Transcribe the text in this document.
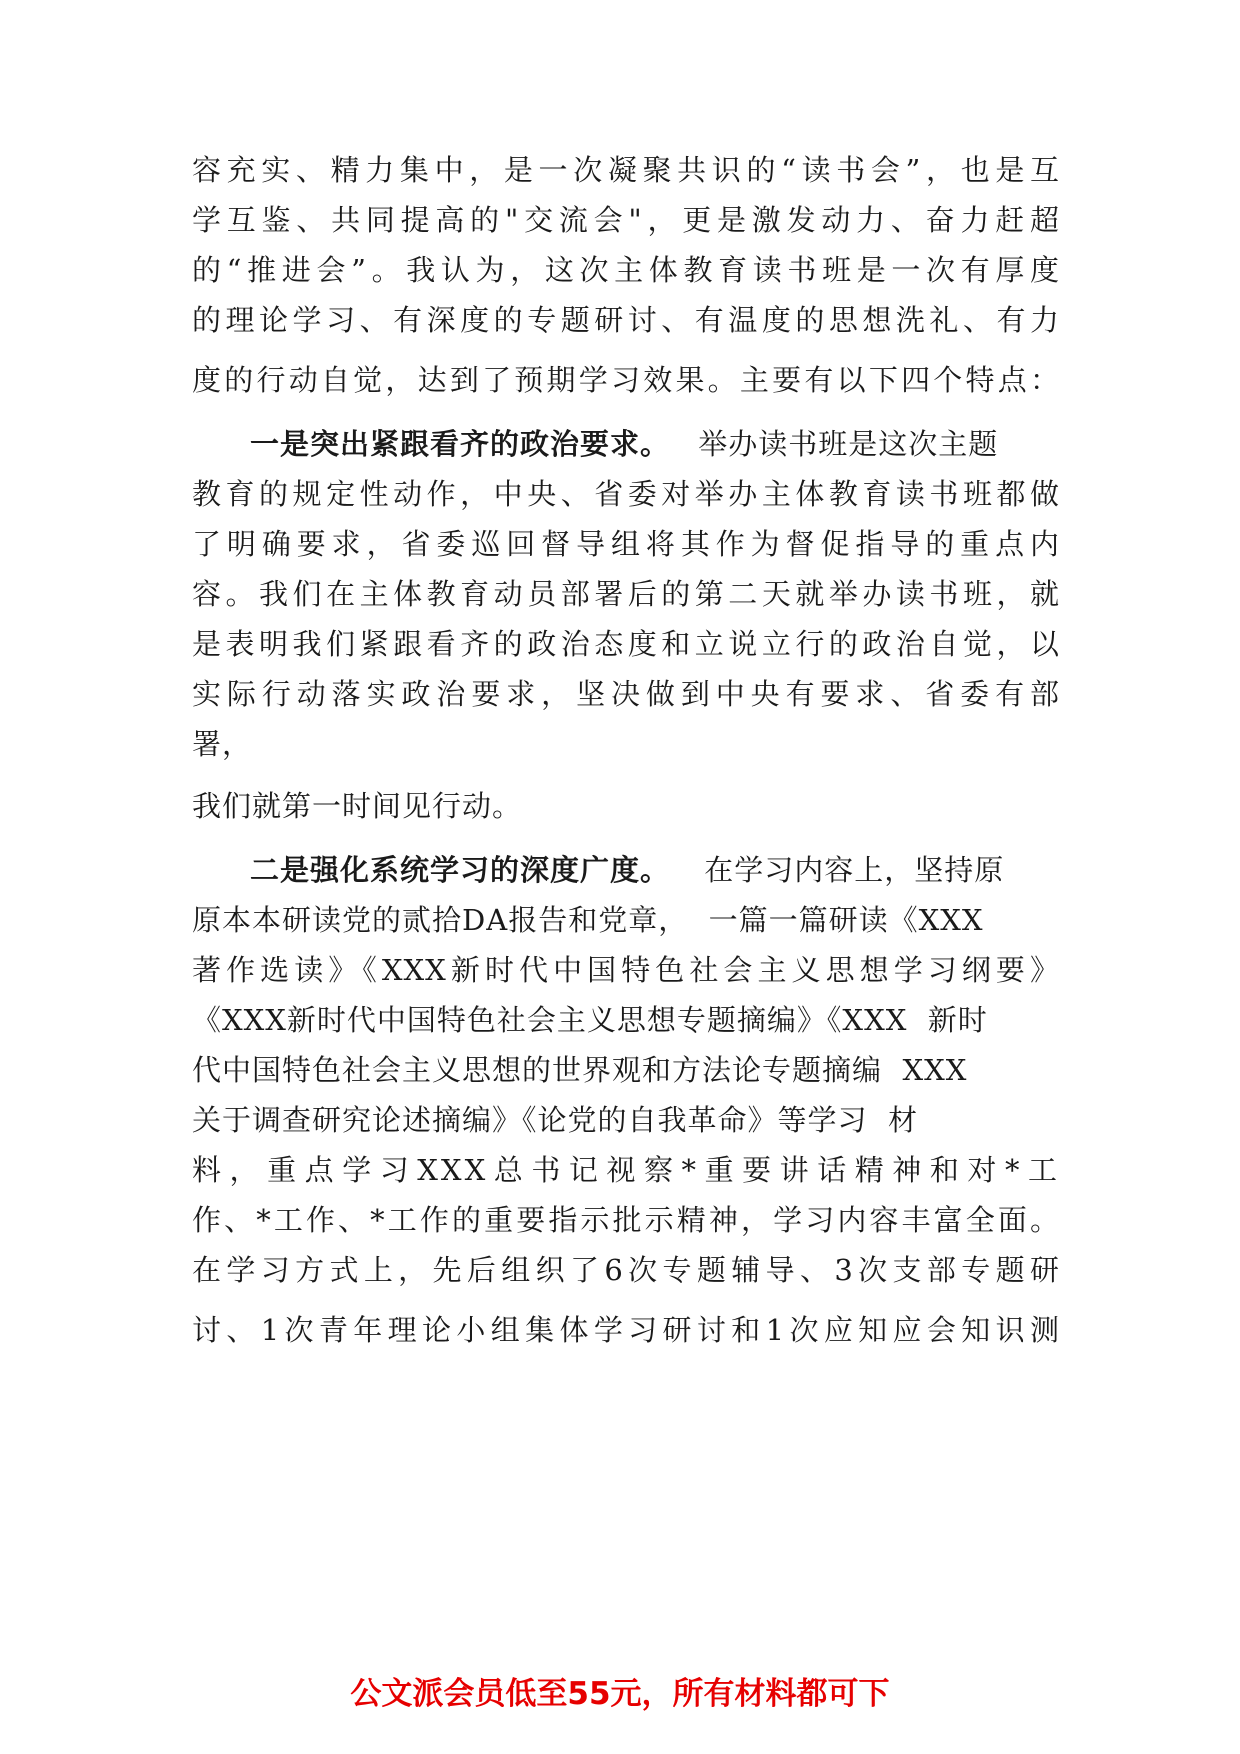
容充实、精力集中，是一次凝聚共识的“读书会”，也是互
学互鉴、共同提高的"交流会"，更是激发动力、奋力赶超
的“推进会”。我认为，这次主体教育读书班是一次有厚度
的理论学习、有深度的专题研讨、有温度的思想洗礼、有力
度的行动自觉，达到了预期学习效果。主要有以下四个特点：
一是突出紧跟看齐的政治要求。 举办读书班是这次主题
教育的规定性动作，中央、省委对举办主体教育读书班都做
了明确要求，省委巡回督导组将其作为督促指导的重点内
容。我们在主体教育动员部署后的第二天就举办读书班，就
是表明我们紧跟看齐的政治态度和立说立行的政治自觉，以
实际行动落实政治要求，坚决做到中央有要求、省委有部
署，
我们就第一时间见行动。
二是强化系统学习的深度广度。 在学习内容上，坚持原
原本本研读党的贰拾DA报告和党章，  一篇一篇研读《XXX
著作选读》《XXX新时代中国特色社会主义思想学习纲要》
《XXX新时代中国特色社会主义思想专题摘编》《XXX  新时
代中国特色社会主义思想的世界观和方法论专题摘编  XXX
关于调查研究论述摘编》《论党的自我革命》等学习  材
料，重点学习XXX总书记视察*重要讲话精神和对*工
作、*工作、*工作的重要指示批示精神，学习内容丰富全面。
在学习方式上，先后组织了6次专题辅导、3次支部专题研
讨、1次青年理论小组集体学习研讨和1次应知应会知识测
公文派会员低至55元，所有材料都可下
